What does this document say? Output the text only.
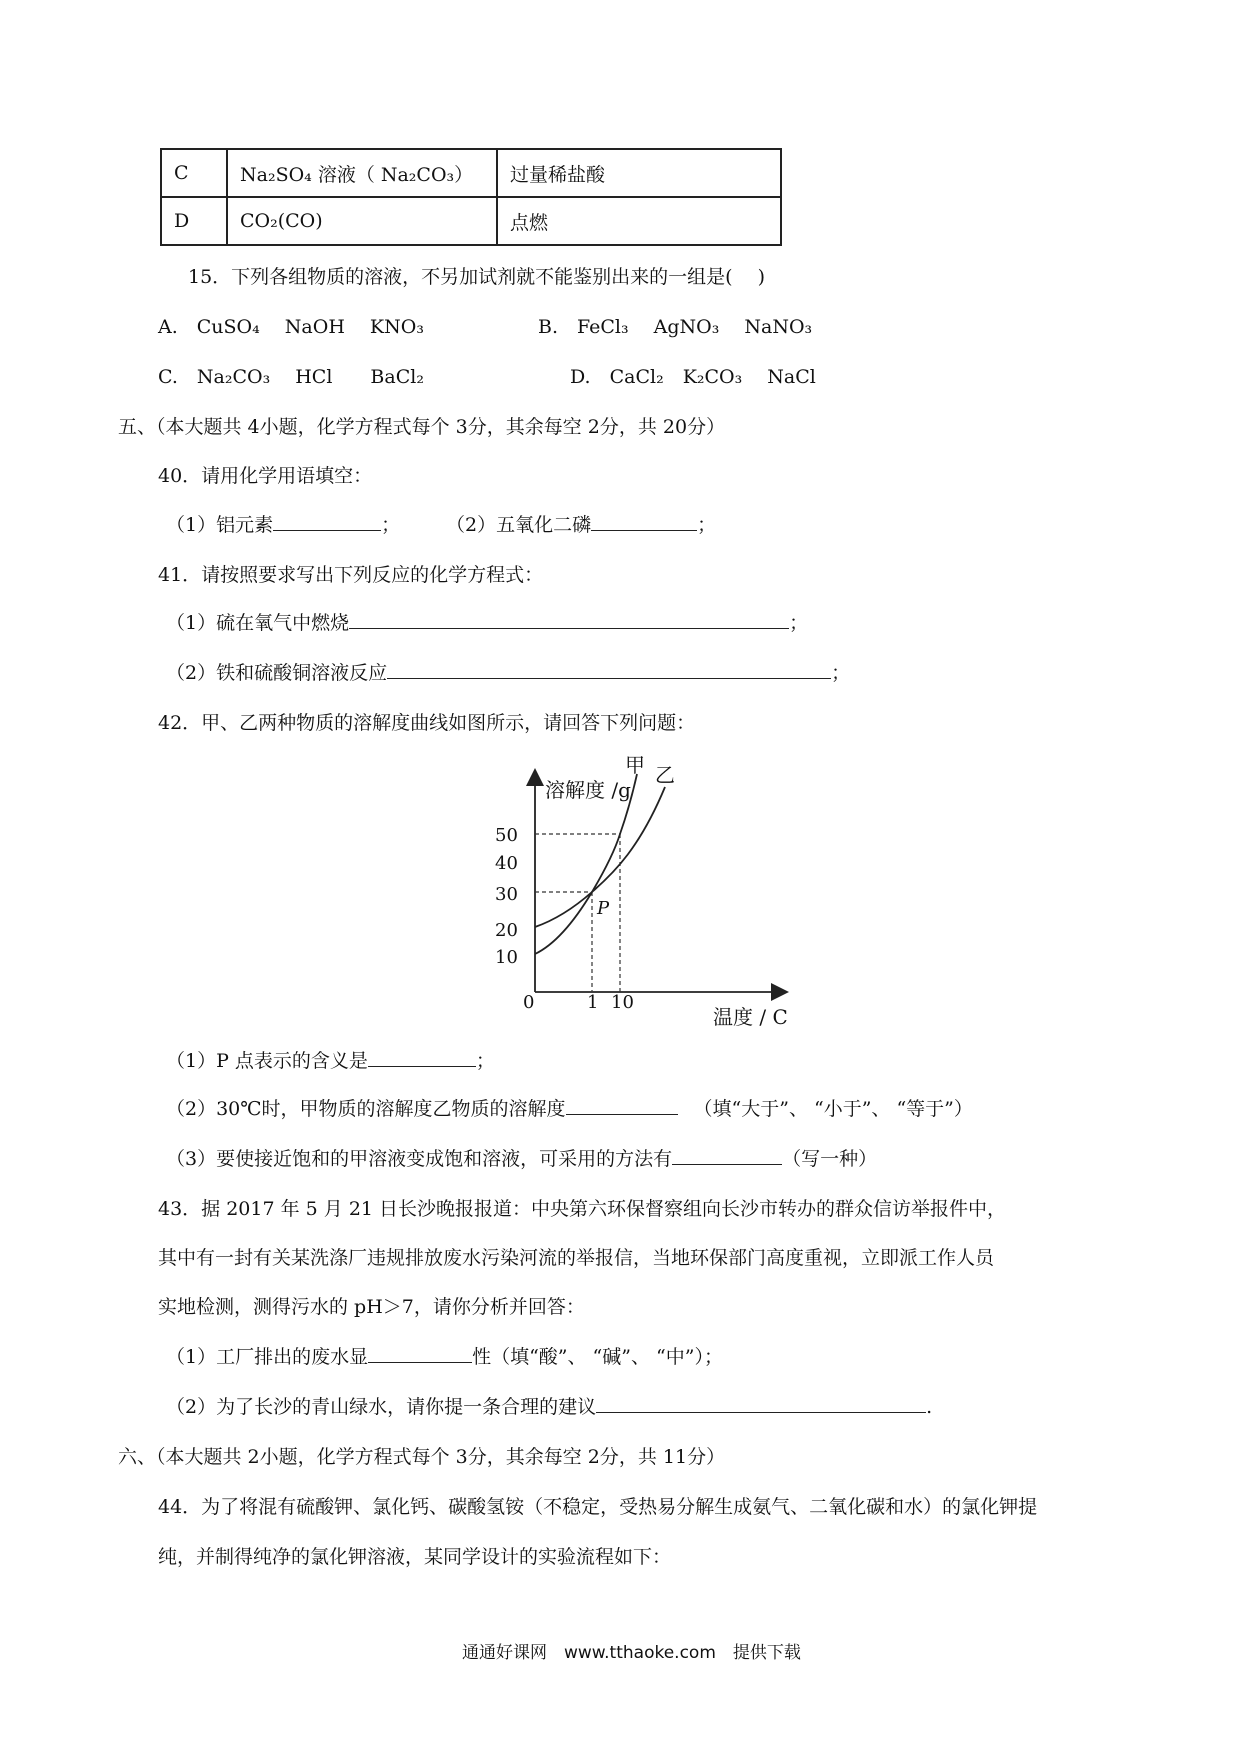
C	Na₂SO₄ 溶液（ Na₂CO₃）	过量稀盐酸
D	CO₂(CO)	点燃
15．下列各组物质的溶液，不另加试剂就不能鉴别出来的一组是(　 )
A.　CuSO₄　 NaOH　 KNO₃	B.　FeCl₃　 AgNO₃　 NaNO₃
C.　Na₂CO₃　 HCl　　BaCl₂	D.　CaCl₂　K₂CO₃　 NaCl
五、（本大题共 4小题，化学方程式每个 3分，其余每空 2分，共 20分）
40．请用化学用语填空：
（1）铝元素	； （2）五氧化二磷	；
41．请按照要求写出下列反应的化学方程式：
（1）硫在氧气中燃烧	；
（2）铁和硫酸铜溶液反应	；
42．甲、乙两种物质的溶解度曲线如图所示，请回答下列问题：
溶解度 /g
温度 / C
50
40
30
20
10
0	1 10
甲 乙
P
（1）P 点表示的含义是	；
（2）30℃时，甲物质的溶解度乙物质的溶解度	（填“大于”、 “小于”、 “等于”）
（3）要使接近饱和的甲溶液变成饱和溶液，可采用的方法有	（写一种）
43．据 2017 年 5 月 21 日长沙晚报报道：中央第六环保督察组向长沙市转办的群众信访举报件中，
其中有一封有关某洗涤厂违规排放废水污染河流的举报信，当地环保部门高度重视，立即派工作人员
实地检测，测得污水的 pH＞7，请你分析并回答：
（1）工厂排出的废水显	性（填“酸”、 “碱”、 “中”）；
（2）为了长沙的青山绿水，请你提一条合理的建议	.
六、（本大题共 2小题，化学方程式每个 3分，其余每空 2分，共 11分）
44．为了将混有硫酸钾、氯化钙、碳酸氢铵（不稳定，受热易分解生成氨气、二氧化碳和水）的氯化钾提
纯，并制得纯净的氯化钾溶液，某同学设计的实验流程如下：
通通好课网　www.tthaoke.com　提供下载
